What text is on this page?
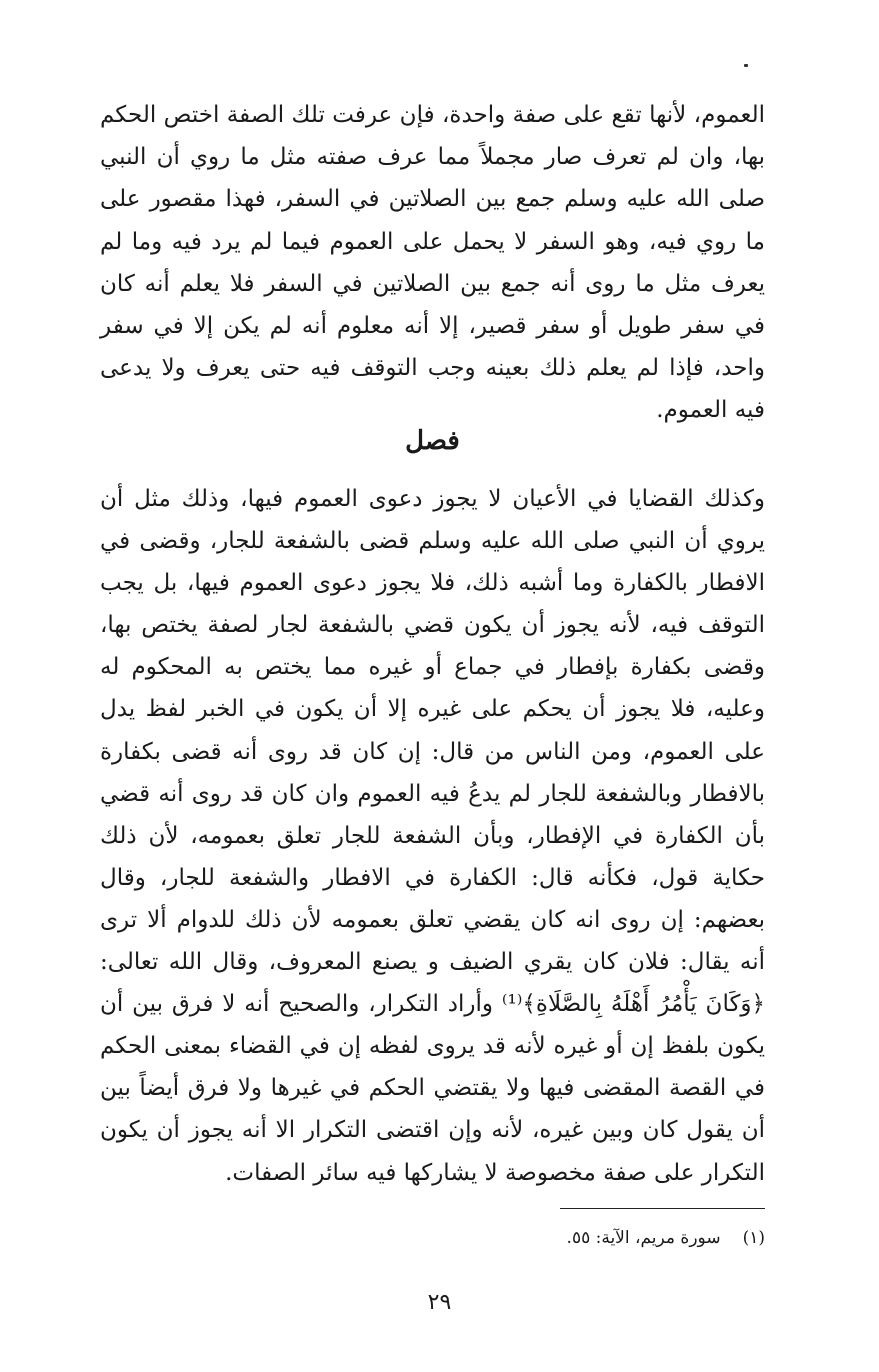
العموم، لأنها تقع على صفة واحدة، فإن عرفت تلك الصفة اختص الحكم بها، وان لم تعرف صار مجملاً مما عرف صفته مثل ما روي أن النبي صلى الله عليه وسلم جمع بين الصلاتين في السفر، فهذا مقصور على ما روي فيه، وهو السفر لا يحمل على العموم فيما لم يرد فيه وما لم يعرف مثل ما روى أنه جمع بين الصلاتين في السفر فلا يعلم أنه كان في سفر طويل أو سفر قصير، إلا أنه معلوم أنه لم يكن إلا في سفر واحد، فإذا لم يعلم ذلك بعينه وجب التوقف فيه حتى يعرف ولا يدعى فيه العموم.

فصل

وكذلك القضايا في الأعيان لا يجوز دعوى العموم فيها، وذلك مثل أن يروي أن النبي صلى الله عليه وسلم قضى بالشفعة للجار، وقضى في الافطار بالكفارة وما أشبه ذلك، فلا يجوز دعوى العموم فيها، بل يجب التوقف فيه، لأنه يجوز أن يكون قضي بالشفعة لجار لصفة يختص بها، وقضى بكفارة بإفطار في جماع أو غيره مما يختص به المحكوم له وعليه، فلا يجوز أن يحكم على غيره إلا أن يكون في الخبر لفظ يدل على العموم، ومن الناس من قال: إن كان قد روى أنه قضى بكفارة بالافطار وبالشفعة للجار لم يدعُ فيه العموم وان كان قد روى أنه قضي بأن الكفارة في الإفطار، وبأن الشفعة للجار تعلق بعمومه، لأن ذلك حكاية قول، فكأنه قال: الكفارة في الافطار والشفعة للجار، وقال بعضهم: إن روى انه كان يقضي تعلق بعمومه لأن ذلك للدوام ألا ترى أنه يقال: فلان كان يقري الضيف و يصنع المعروف، وقال الله تعالى: ﴿وَكَانَ يَأْمُرُ أَهْلَهُ بِالصَّلَاةِ﴾⁽¹⁾ وأراد التكرار، والصحيح أنه لا فرق بين أن يكون بلفظ إن أو غيره لأنه قد يروى لفظه إن في القضاء بمعنى الحكم في القصة المقضى فيها ولا يقتضي الحكم في غيرها ولا فرق أيضاً بين أن يقول كان وبين غيره، لأنه وإن اقتضى التكرار الا أنه يجوز أن يكون التكرار على صفة مخصوصة لا يشاركها فيه سائر الصفات.

(١)سورة مريم، الآية: ٥٥.
٢٩
